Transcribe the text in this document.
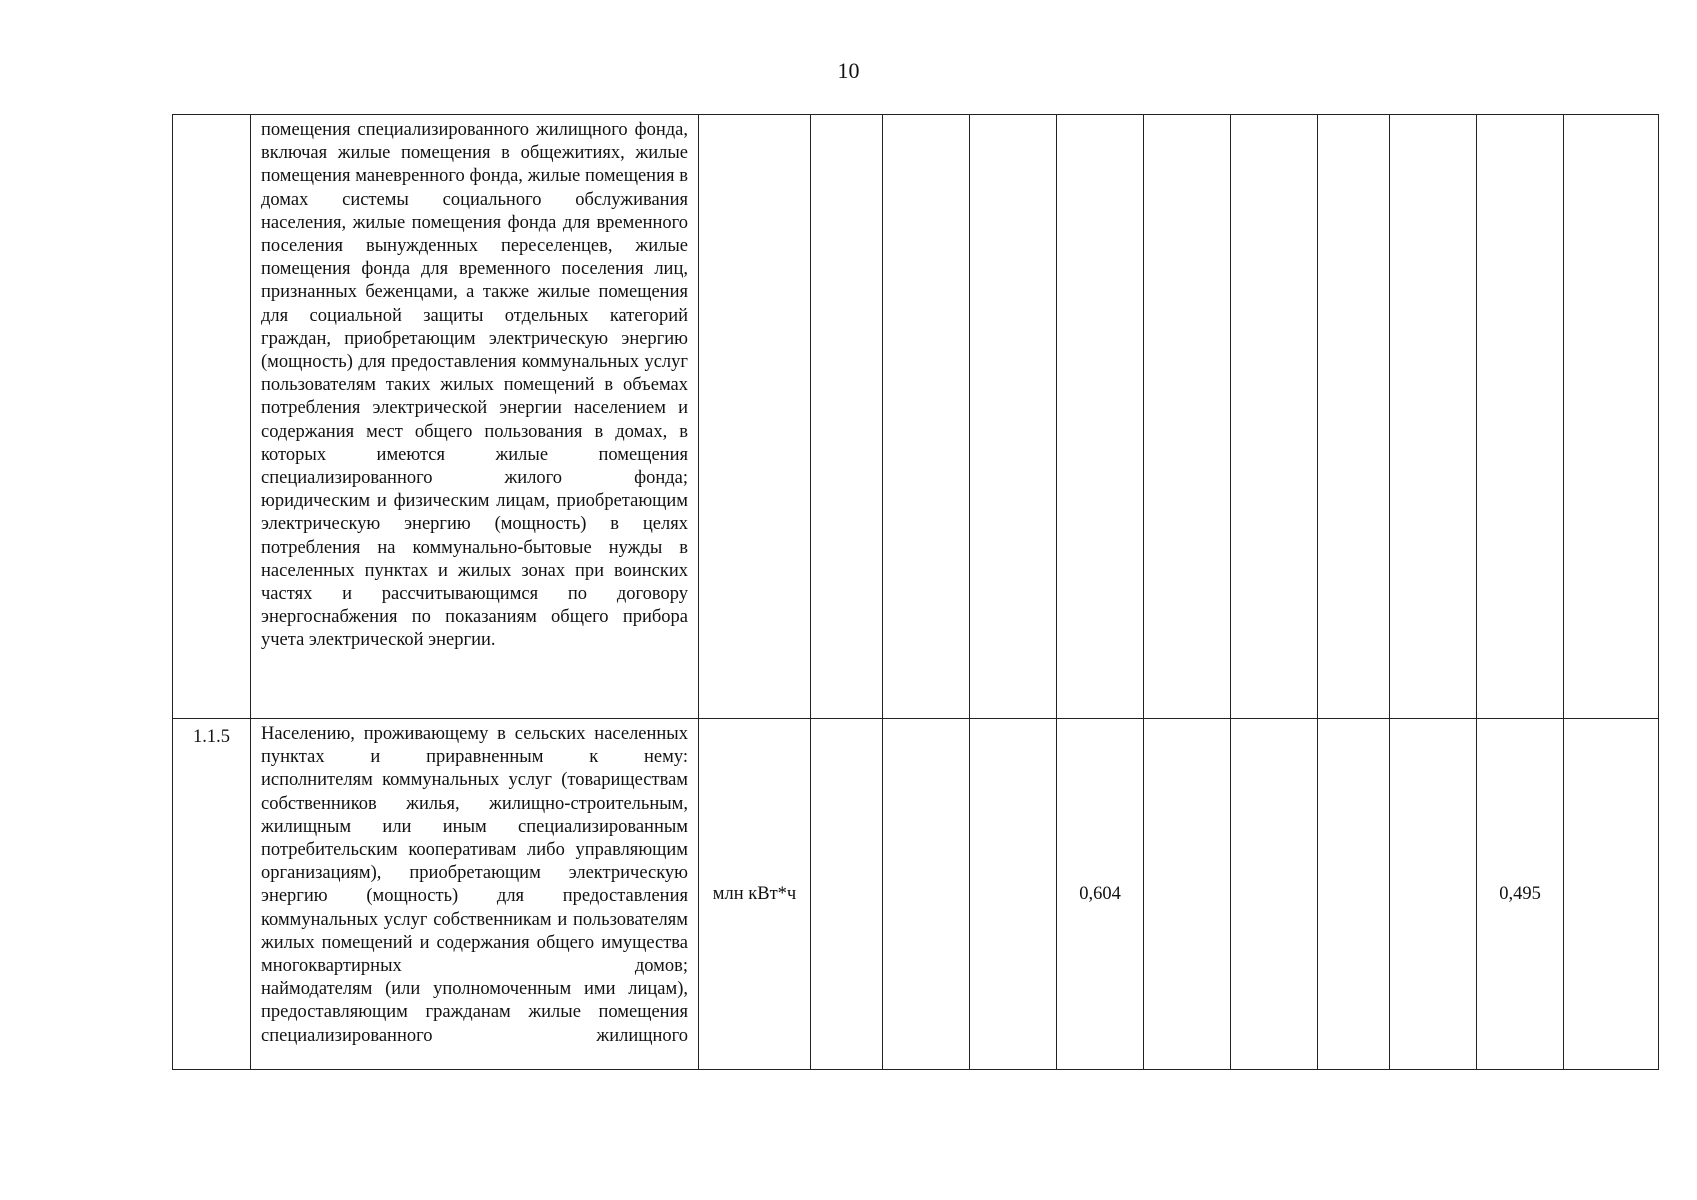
10

	помещения специализированного жилищного фонда, включая жилые помещения в общежитиях, жилые помещения маневренного фонда, жилые помещения в домах системы социального обслуживания населения, жилые помещения фонда для временного поселения вынужденных переселенцев, жилые помещения фонда для временного поселения лиц, признанных беженцами, а также жилые помещения для социальной защиты отдельных категорий граждан, приобретающим электрическую энергию (мощность) для предоставления коммунальных услуг пользователям таких жилых помещений в объемах потребления электрической энергии населением и содержания мест общего пользования в домах, в которых имеются жилые помещения специализированного жилого фонда;
юридическим и физическим лицам, приобретающим электрическую энергию (мощность) в целях потребления на коммунально-бытовые нужды в населенных пунктах и жилых зонах при воинских частях и рассчитывающимся по договору энергоснабжения по показаниям общего прибора учета электрической энергии.											

1.1.5	Населению, проживающему в сельских населенных пунктах и приравненным к нему:
исполнителям коммунальных услуг (товариществам собственников жилья, жилищно-строительным, жилищным или иным специализированным потребительским кооперативам либо управляющим организациям), приобретающим электрическую энергию (мощность) для предоставления коммунальных услуг собственникам и пользователям жилых помещений и содержания общего имущества многоквартирных домов;
наймодателям (или уполномоченным ими лицам), предоставляющим гражданам жилые помещения специализированного жилищного	млн кВт*ч				0,604					0,495	
